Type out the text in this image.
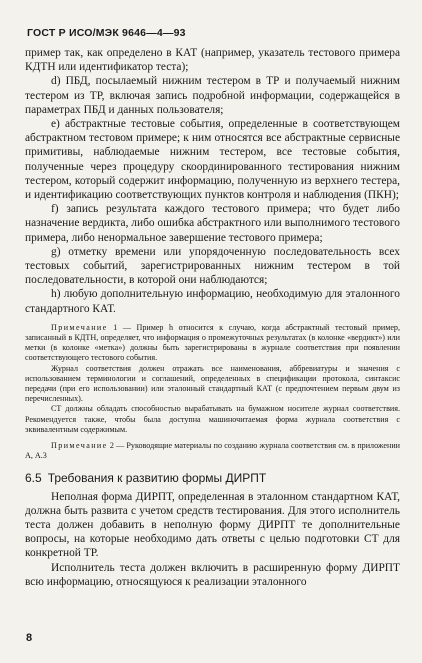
ГОСТ Р ИСО/МЭК 9646—4—93

пример так, как определено в КАТ (например, указатель тестового примера КДТН или идентификатор теста);

d) ПБД, посылаемый нижним тестером в ТР и получаемый нижним тестером из ТР, включая запись подробной информации, содержащейся в параметрах ПБД и данных пользователя;

e) абстрактные тестовые события, определенные в соответствующем абстрактном тестовом примере; к ним относятся все абстрактные сервисные примитивы, наблюдаемые нижним тестером, все тестовые события, полученные через процедуру скоординированного тестирования нижним тестером, который содержит информацию, полученную из верхнего тестера, и идентификацию соответствующих пунктов контроля и наблюдения (ПКН);

f) запись результата каждого тестового примера; что будет либо назначение вердикта, либо ошибка абстрактного или выполнимого тестового примера, либо ненормальное завершение тестового примера;

g) отметку времени или упорядоченную последовательность всех тестовых событий, зарегистрированных нижним тестером в той последовательности, в которой они наблюдаются;

h) любую дополнительную информацию, необходимую для эталонного стандартного КАТ.

Примечание 1 — Пример h относится к случаю, когда абстрактный тестовый пример, записанный в КДТН, определяет, что информация о промежуточных результатах (в колонке «вердикт») или метки (в колонке «метка») должны быть зарегистрированы в журнале соответствия при появлении соответствующего тестового события.

Журнал соответствия должен отражать все наименования, аббревиатуры и значения с использованием терминологии и соглашений, определенных в спецификации протокола, синтаксис передачи (при его использовании) или эталонный стандартный КАТ (с предпочтением первым двум из перечисленных).

СТ должны обладать способностью вырабатывать на бумажном носителе журнал соответствия. Рекомендуется также, чтобы была доступна машиночитаемая форма журнала соответствия с эквивалентным содержимым.

Примечание 2 — Руководящие материалы по созданию журнала соответствия см. в приложении А, А.3

6.5 Требования к развитию формы ДИРПТ

Неполная форма ДИРПТ, определенная в эталонном стандартном КАТ, должна быть развита с учетом средств тестирования. Для этого исполнитель теста должен добавить в неполную форму ДИРПТ те дополнительные вопросы, на которые необходимо дать ответы с целью подготовки СТ для конкретной ТР.

Исполнитель теста должен включить в расширенную форму ДИРПТ всю информацию, относящуюся к реализации эталонного

8
